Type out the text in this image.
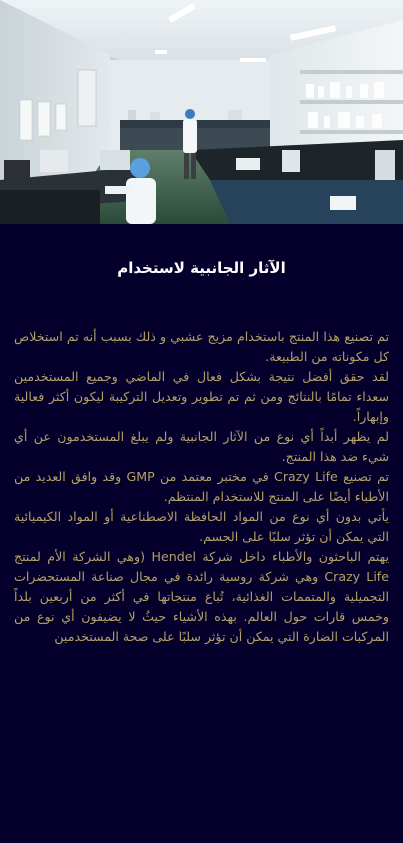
الآثار الجانبية لاستخدام

تم تصنيع هذا المنتج باستخدام مزيج عشبي و ذلك بسبب أنه تم استخلاص كل مكوناته من الطبيعة.

لقد حقق أفضل نتيجة بشكل فعال في الماضي وجميع المستخدمين سعداء تمامًا بالنتائج ومن ثم تم تطوير وتعديل التركيبة ليكون أكثر فعالية وإبهاراً.

لم يظهر أبداً أي نوع من الآثار الجانبية ولم يبلغ المستخدمون عن أي شيء ضد هذا المنتج.

تم تصنيع Crazy Life في مختبر معتمد من GMP وقد وافق العديد من الأطباء أيضًا على المنتج للاستخدام المنتظم.

يأتي بدون أي نوع من المواد الحافظة الاصطناعية أو المواد الكيميائية التي يمكن أن تؤثر سلبًا على الجسم.

يهتم الباحثون والأطباء داخل شركة Hendel (وهي الشركة الأم لمنتج Crazy Life وهي شركة روسية رائدة في مجال صناعة المستحضرات التجميلية والمتممات الغذائية، تُباع منتجاتها في أكثر من أربعين بلداً وخمس قارات حول العالم. بهذه الأشياء حيثُ لا يضيفون أي نوع من المركبات الضارة التي يمكن أن تؤثر سلبًا على صحة المستخدمين
